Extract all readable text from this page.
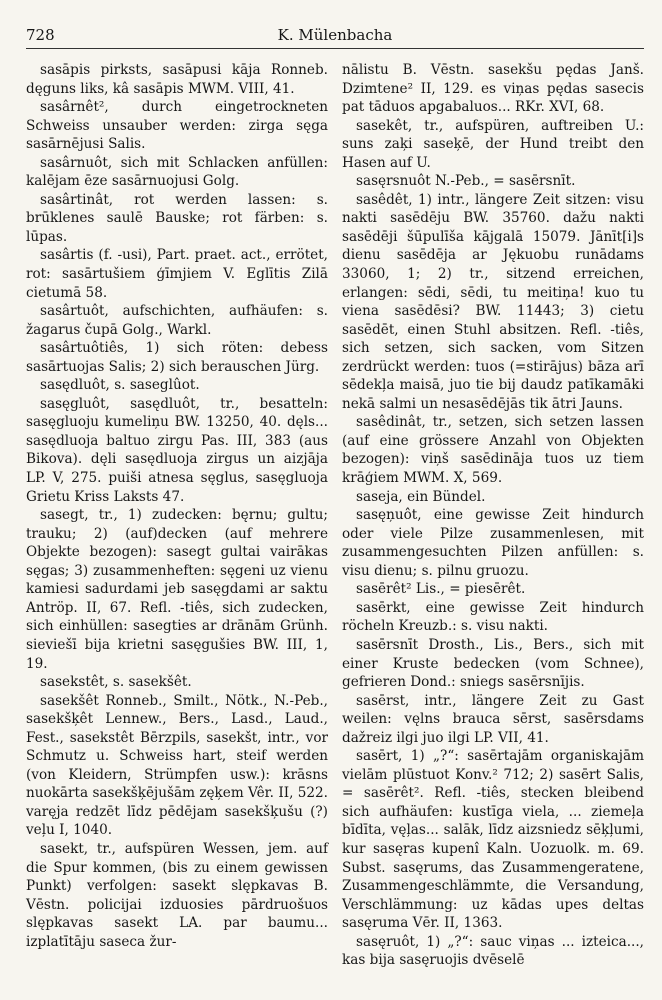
728	K. Mülenbacha

sasāpis pirksts, sasāpusi kāja Ronneb. dęguns liks, kâ sasāpis MWM. VIII, 41.

sasârnêt², durch eingetrockneten Schweiss unsauber werden: zirga sęga sasārnējusi Salis.

sasârnuôt, sich mit Schlacken anfüllen: kalējam ēze sasārnuojusi Golg.

sasârtinât, rot werden lassen: s. brūklenes saulē Bauske; rot färben: s. lūpas.

sasârtis (f. -usi), Part. praet. act., errötet, rot: sasārtušiem ģīmjiem V. Eglītis Zilā cietumā 58.

sasârtuôt, aufschichten, aufhäufen: s. žagarus čupā Golg., Warkl.

sasârtuôtiês, 1) sich röten: debess sasārtuojas Salis; 2) sich berauschen Jürg.

sasędluôt, s. saseglûot.

sasęgluôt, sasędluôt, tr., besatteln: sasęgluoju kumeliņu BW. 13250, 40. dęls... sasędluoja baltuo zirgu Pas. III, 383 (aus Bikova). dęli sasędluoja zirgus un aizjāja LP. V, 275. puiši atnesa sęglus, sasęgluoja Grietu Kriss Laksts 47.

sasegt, tr., 1) zudecken: bęrnu; gultu; trauku; 2) (auf)decken (auf mehrere Objekte bezogen): sasegt gultai vairākas sęgas; 3) zusammenheften: sęgeni uz vienu kamiesi sadurdami jeb sasęgdami ar saktu Antröp. II, 67. Refl. -tiês, sich zudecken, sich einhüllen: sasegties ar drānām Grünh. sieviešī bija krietni sasęgušies BW. III, 1, 19.

sasekstêt, s. sasekšêt.

sasekšêt Ronneb., Smilt., Nötk., N.-Peb., sasekšķêt Lennew., Bers., Lasd., Laud., Fest., sasekstêt Bērzpils, sasekšt, intr., vor Schmutz u. Schweiss hart, steif werden (von Kleidern, Strümpfen usw.): krāsns nuokārta sasekšķējušām zęķem Vêr. II, 522. varęja redzēt līdz pēdējam sasekšķušu (?) veļu I, 1040.

sasekt, tr., aufspüren Wessen, jem. auf die Spur kommen, (bis zu einem gewissen Punkt) verfolgen: sasekt slępkavas B. Vēstn. policijai izduosies pārdruošuos slępkavas sasekt LA. par baumu... izplatītāju saseca žur-

nālistu B. Vēstn. sasekšu pędas Janš. Dzimtene² II, 129. es viņas pędas sasecis pat tāduos apgabaluos... RKr. XVI, 68.

sasekêt, tr., aufspüren, auftreiben U.: suns zaķi saseķē, der Hund treibt den Hasen auf U.

sasęrsnuôt N.-Peb., = sasērsnīt.

sasêdêt, 1) intr., längere Zeit sitzen: visu nakti sasēdēju BW. 35760. dažu nakti sasēdēji šūpulīša kājgalā 15079. Jānīt[i]s dienu sasēdēja ar Jękuobu runādams 33060, 1; 2) tr., sitzend erreichen, erlangen: sēdi, sēdi, tu meitiņa! kuo tu viena sasēdēsi? BW. 11443; 3) cietu sasēdēt, einen Stuhl absitzen. Refl. -tiês, sich setzen, sich sacken, vom Sitzen zerdrückt werden: tuos (=stirājus) bāza arī sēdekļa maisā, juo tie bij daudz patīkamāki nekā salmi un nesasēdējās tik ātri Jauns.

sasêdinât, tr., setzen, sich setzen lassen (auf eine grössere Anzahl von Objekten bezogen): viņš sasēdināja tuos uz tiem krāģiem MWM. X, 569.

saseja, ein Bündel.

sasęņuôt, eine gewisse Zeit hindurch oder viele Pilze zusammenlesen, mit zusammengesuchten Pilzen anfüllen: s. visu dienu; s. pilnu gruozu.

sasērêt² Lis., = piesērêt.

sasērkt, eine gewisse Zeit hindurch röcheln Kreuzb.: s. visu nakti.

sasērsnīt Drosth., Lis., Bers., sich mit einer Kruste bedecken (vom Schnee), gefrieren Dond.: sniegs sasērsnījis.

sasērst, intr., längere Zeit zu Gast weilen: vęlns brauca sērst, sasērsdams dažreiz ilgi juo ilgi LP. VII, 41.

sasērt, 1) „?“: sasērtajām organiskajām vielām plūstuot Konv.² 712; 2) sasērt Salis, = sasērêt². Refl. -tiês, stecken bleibend sich aufhäufen: kustīga viela, ... ziemeļa bīdīta, vęļas... salāk, līdz aizsniedz sēķļumi, kur sasęras kupenî Kaln. Uozuolk. m. 69. Subst. sasęrums, das Zusammengeratene, Zusammengeschlämmte, die Versandung, Verschlämmung: uz kādas upes deltas sasęruma Vēr. II, 1363.

sasęruôt, 1) „?“: sauc viņas ... izteica..., kas bija sasęruojis dvēselē
